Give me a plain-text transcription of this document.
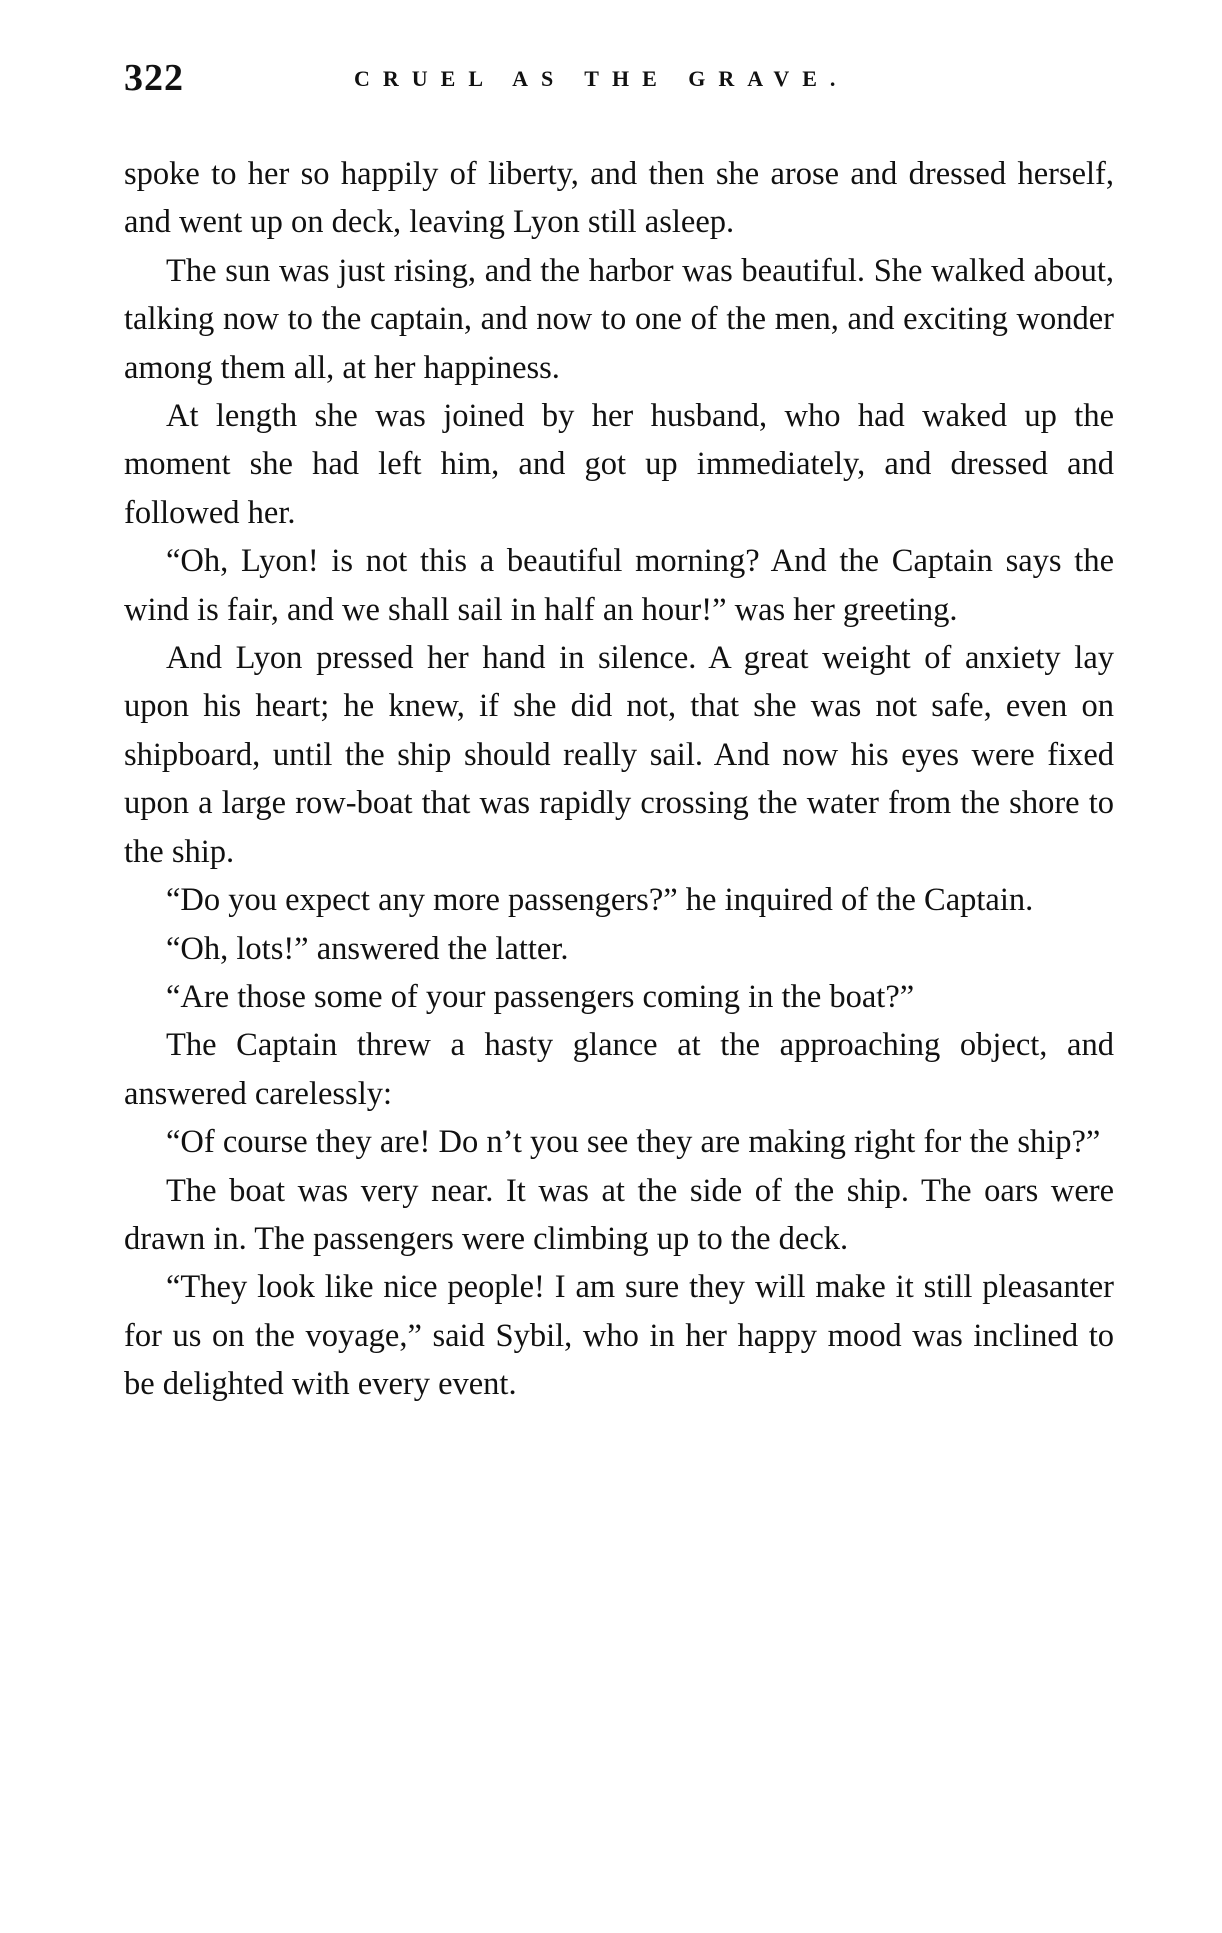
322	CRUEL AS THE GRAVE.

spoke to her so happily of liberty, and then she arose and dressed herself, and went up on deck, leaving Lyon still asleep.

The sun was just rising, and the harbor was beautiful. She walked about, talking now to the captain, and now to one of the men, and exciting wonder among them all, at her happiness.

At length she was joined by her husband, who had waked up the moment she had left him, and got up immediately, and dressed and followed her.

“Oh, Lyon! is not this a beautiful morning? And the Captain says the wind is fair, and we shall sail in half an hour!” was her greeting.

And Lyon pressed her hand in silence. A great weight of anxiety lay upon his heart; he knew, if she did not, that she was not safe, even on shipboard, until the ship should really sail. And now his eyes were fixed upon a large row-boat that was rapidly crossing the water from the shore to the ship.

“Do you expect any more passengers?” he inquired of the Captain.

“Oh, lots!” answered the latter.

“Are those some of your passengers coming in the boat?”

The Captain threw a hasty glance at the approaching object, and answered carelessly:

“Of course they are! Do n’t you see they are making right for the ship?”

The boat was very near. It was at the side of the ship. The oars were drawn in. The passengers were climbing up to the deck.

“They look like nice people! I am sure they will make it still pleasanter for us on the voyage,” said Sybil, who in her happy mood was inclined to be delighted with every event.
